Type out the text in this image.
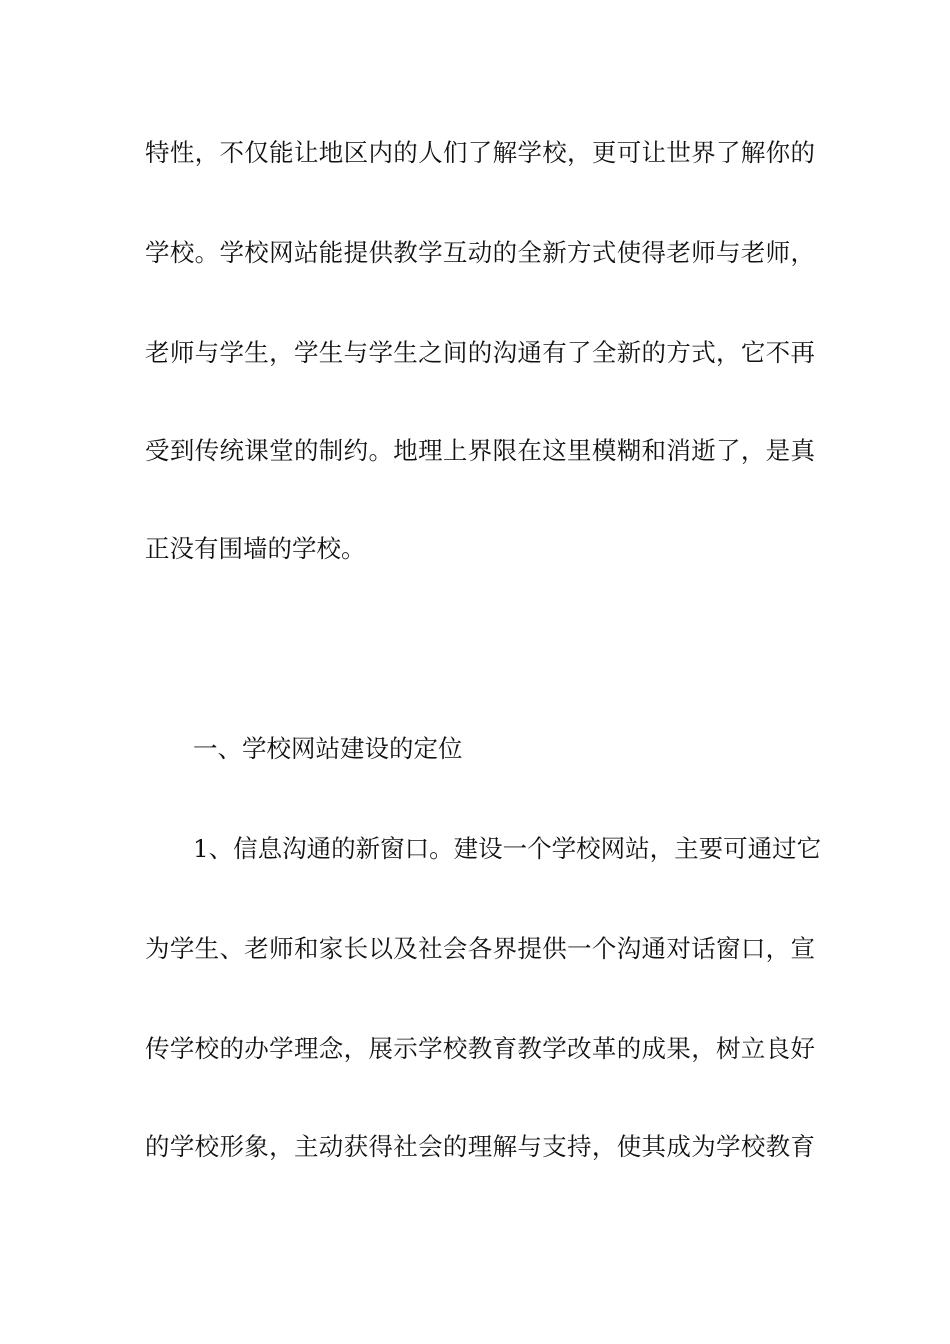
特性，不仅能让地区内的人们了解学校，更可让世界了解你的
学校。学校网站能提供教学互动的全新方式使得老师与老师，
老师与学生，学生与学生之间的沟通有了全新的方式，它不再
受到传统课堂的制约。地理上界限在这里模糊和消逝了，是真
正没有围墙的学校。
一、学校网站建设的定位
1、信息沟通的新窗口。建设一个学校网站，主要可通过它
为学生、老师和家长以及社会各界提供一个沟通对话窗口，宣
传学校的办学理念，展示学校教育教学改革的成果，树立良好
的学校形象，主动获得社会的理解与支持，使其成为学校教育
